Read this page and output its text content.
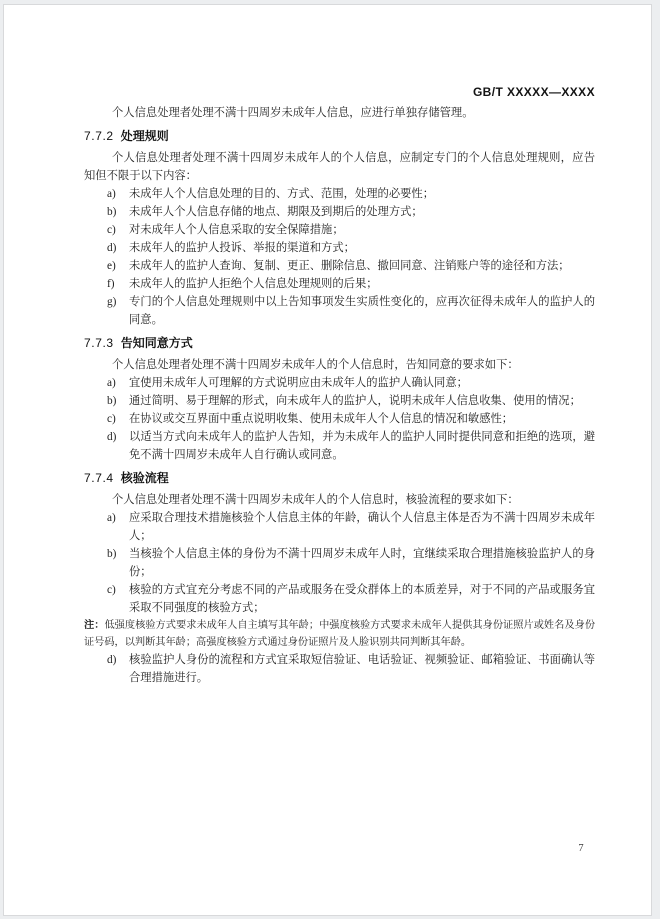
GB/T XXXXX—XXXX

个人信息处理者处理不满十四周岁未成年人信息，应进行单独存储管理。

7.7.2 处理规则

个人信息处理者处理不满十四周岁未成年人的个人信息，应制定专门的个人信息处理规则，应告知但不限于以下内容：

a) 未成年人个人信息处理的目的、方式、范围，处理的必要性；
b) 未成年人个人信息存储的地点、期限及到期后的处理方式；
c) 对未成年人个人信息采取的安全保障措施；
d) 未成年人的监护人投诉、举报的渠道和方式；
e) 未成年人的监护人查询、复制、更正、删除信息、撤回同意、注销账户等的途径和方法；
f) 未成年人的监护人拒绝个人信息处理规则的后果；
g) 专门的个人信息处理规则中以上告知事项发生实质性变化的，应再次征得未成年人的监护人的同意。
7.7.3 告知同意方式

个人信息处理者处理不满十四周岁未成年人的个人信息时，告知同意的要求如下：

a) 宜使用未成年人可理解的方式说明应由未成年人的监护人确认同意；
b) 通过简明、易于理解的形式，向未成年人的监护人，说明未成年人信息收集、使用的情况；
c) 在协议或交互界面中重点说明收集、使用未成年人个人信息的情况和敏感性；
d) 以适当方式向未成年人的监护人告知，并为未成年人的监护人同时提供同意和拒绝的选项，避免不满十四周岁未成年人自行确认或同意。
7.7.4 核验流程

个人信息处理者处理不满十四周岁未成年人的个人信息时，核验流程的要求如下：

a) 应采取合理技术措施核验个人信息主体的年龄，确认个人信息主体是否为不满十四周岁未成年人；
b) 当核验个人信息主体的身份为不满十四周岁未成年人时，宜继续采取合理措施核验监护人的身份；
c) 核验的方式宜充分考虑不同的产品或服务在受众群体上的本质差异，对于不同的产品或服务宜采取不同强度的核验方式；
注：低强度核验方式要求未成年人自主填写其年龄；中强度核验方式要求未成年人提供其身份证照片或姓名及身份证号码，以判断其年龄；高强度核验方式通过身份证照片及人脸识别共同判断其年龄。
d) 核验监护人身份的流程和方式宜采取短信验证、电话验证、视频验证、邮箱验证、书面确认等合理措施进行。
7
